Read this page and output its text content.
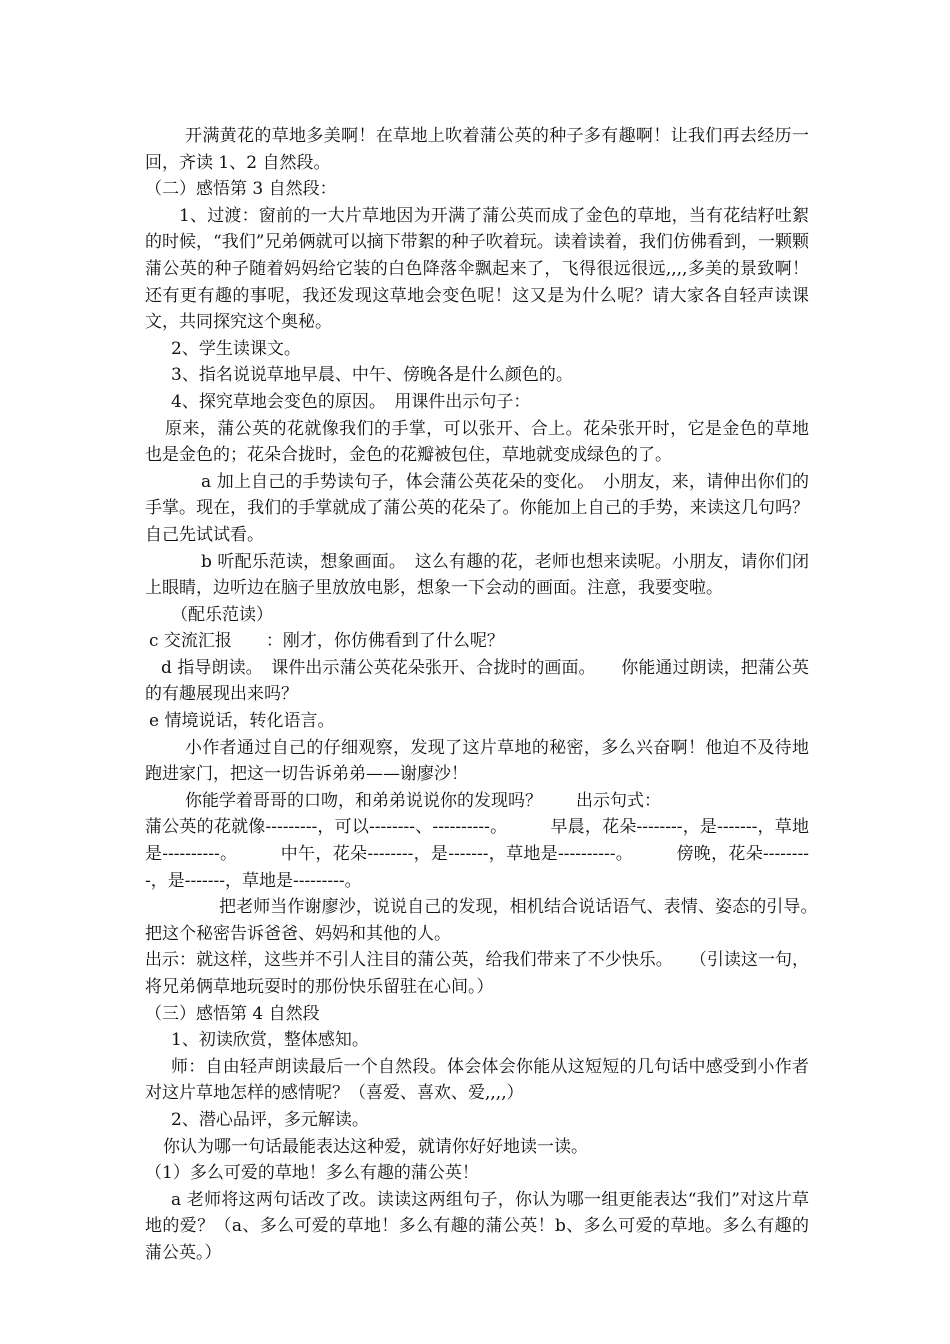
开满黄花的草地多美啊！在草地上吹着蒲公英的种子多有趣啊！让我们再去经历一回，齐读 1、2 自然段。

（二）感悟第 3 自然段：

1、过渡：窗前的一大片草地因为开满了蒲公英而成了金色的草地，当有花结籽吐絮的时候，“我们”兄弟俩就可以摘下带絮的种子吹着玩。读着读着，我们仿佛看到，一颗颗蒲公英的种子随着妈妈给它装的白色降落伞飘起来了，飞得很远很远,,,,多美的景致啊！还有更有趣的事呢，我还发现这草地会变色呢！这又是为什么呢？请大家各自轻声读课文，共同探究这个奥秘。

2、学生读课文。

3、指名说说草地早晨、中午、傍晚各是什么颜色的。

4、探究草地会变色的原因。　用课件出示句子：

原来，蒲公英的花就像我们的手掌，可以张开、合上。花朵张开时，它是金色的草地也是金色的；花朵合拢时，金色的花瓣被包住，草地就变成绿色的了。

a 加上自己的手势读句子，体会蒲公英花朵的变化。　小朋友，来，请伸出你们的手掌。现在，我们的手掌就成了蒲公英的花朵了。你能加上自己的手势，来读这几句吗？自己先试试看。

b 听配乐范读，想象画面。　这么有趣的花，老师也想来读呢。小朋友，请你们闭上眼睛，边听边在脑子里放放电影，想象一下会动的画面。注意，我要变啦。

（配乐范读）

c 交流汇报　　：刚才，你仿佛看到了什么呢？

d 指导朗读。　课件出示蒲公英花朵张开、合拢时的画面。　　你能通过朗读，把蒲公英的有趣展现出来吗？

e 情境说话，转化语言。

小作者通过自己的仔细观察，发现了这片草地的秘密，多么兴奋啊！他迫不及待地跑进家门，把这一切告诉弟弟——谢廖沙！

你能学着哥哥的口吻，和弟弟说说你的发现吗？　　出示句式：

蒲公英的花就像---------，可以--------、----------。　　　早晨，花朵--------，是-------，草地是----------。　　　中午，花朵--------，是-------，草地是----------。　　　傍晚，花朵---------，是-------，草地是---------。

把老师当作谢廖沙，说说自己的发现，相机结合说话语气、表情、姿态的引导。　　　把这个秘密告诉爸爸、妈妈和其他的人。

出示：就这样，这些并不引人注目的蒲公英，给我们带来了不少快乐。　　（引读这一句，将兄弟俩草地玩耍时的那份快乐留驻在心间。）

（三）感悟第 4 自然段

1、初读欣赏，整体感知。

师：自由轻声朗读最后一个自然段。体会体会你能从这短短的几句话中感受到小作者对这片草地怎样的感情呢？（喜爱、喜欢、爱,,,,）

2、潜心品评，多元解读。

你认为哪一句话最能表达这种爱，就请你好好地读一读。

（1）多么可爱的草地！多么有趣的蒲公英！

a 老师将这两句话改了改。读读这两组句子，你认为哪一组更能表达“我们”对这片草地的爱？（a、多么可爱的草地！多么有趣的蒲公英！b、多么可爱的草地。多么有趣的蒲公英。）
